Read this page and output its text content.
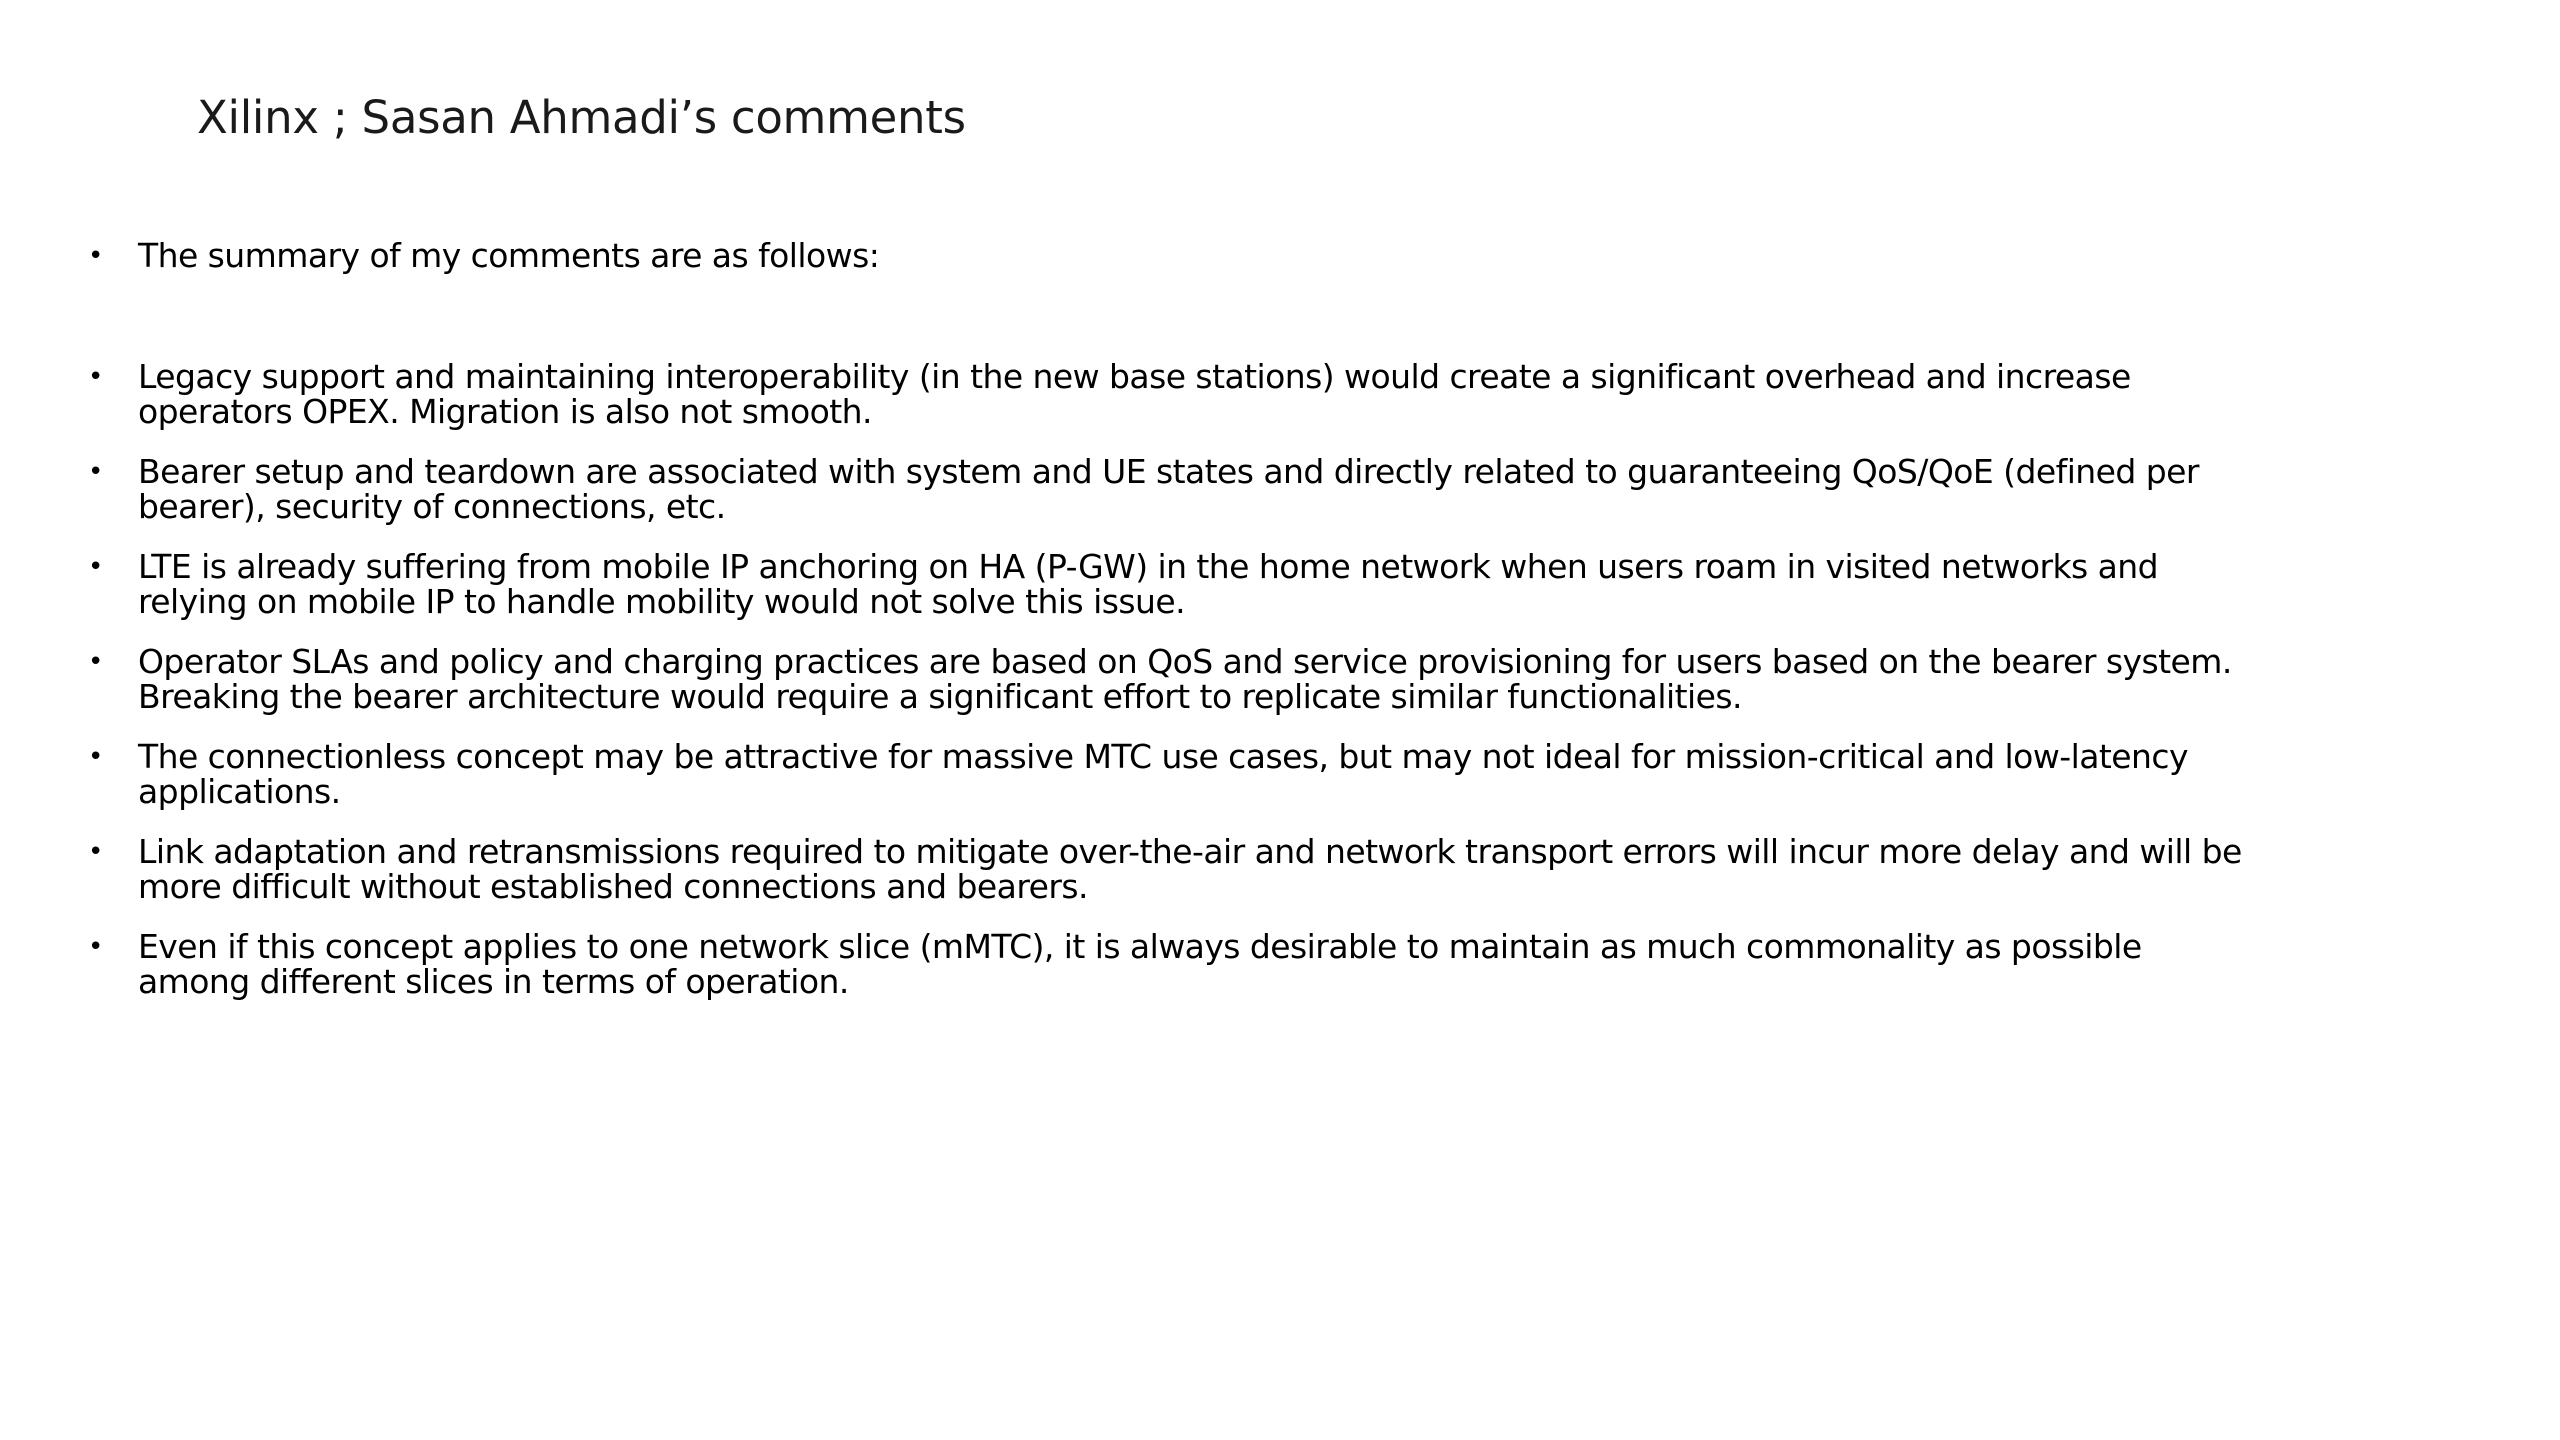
Xilinx ; Sasan Ahmadi’s comments
•	The summary of my comments are as follows:
•	Legacy support and maintaining interoperability (in the new base stations) would create a significant overhead and increase operators OPEX. Migration is also not smooth.
•	Bearer setup and teardown are associated with system and UE states and directly related to guaranteeing QoS/QoE (defined per bearer), security of connections, etc.
•	LTE is already suffering from mobile IP anchoring on HA (P-GW) in the home network when users roam in visited networks and relying on mobile IP to handle mobility would not solve this issue.
•	Operator SLAs and policy and charging practices are based on QoS and service provisioning for users based on the bearer system. Breaking the bearer architecture would require a significant effort to replicate similar functionalities.
•	The connectionless concept may be attractive for massive MTC use cases, but may not ideal for mission-critical and low-latency applications.
•	Link adaptation and retransmissions required to mitigate over-the-air and network transport errors will incur more delay and will be more difficult without established connections and bearers.
•	Even if this concept applies to one network slice (mMTC), it is always desirable to maintain as much commonality as possible among different slices in terms of operation.
